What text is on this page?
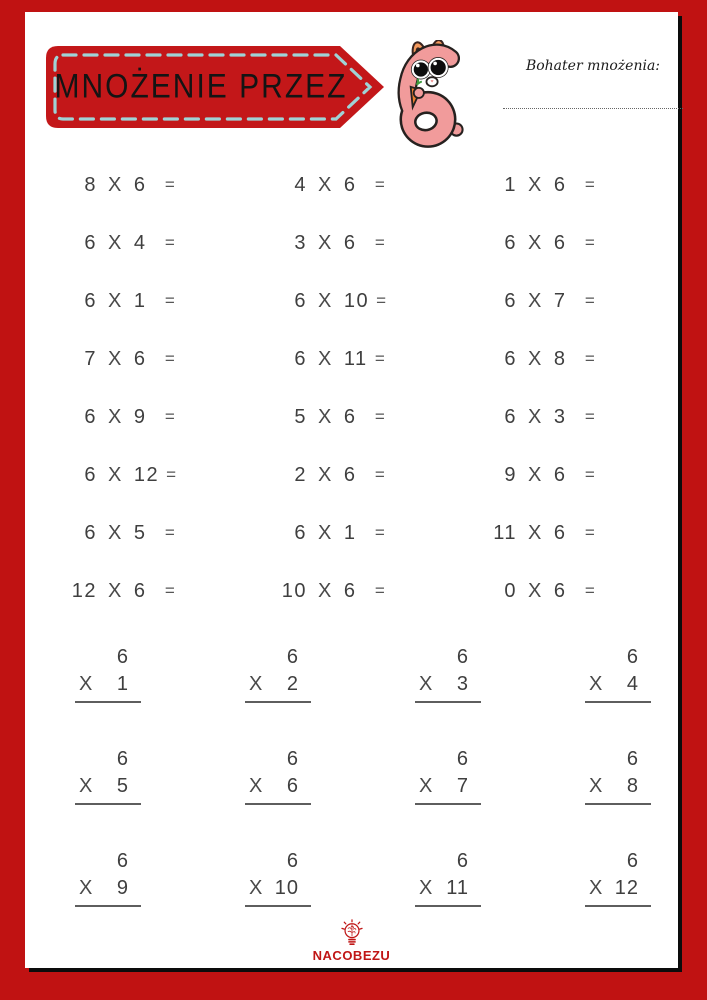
MNOŻENIE PRZEZ
Bohater mnożenia:
8 X 6	=	4 X 6	=	1 X 6	=
6 X 4	=	3 X 6	=	6 X 6	=
6 X 1	=	6 X 10 =	6 X 7	=
7 X 6	=	6 X 11 =	6 X 8	=
6 X 9	=	5 X 6	=	6 X 3	=
6 X 12 =	2 X 6	=	9 X 6	=
6 X 5	=	6 X 1	=	11 X 6	=
12 X 6	=	10 X 6	=	0 X 6	=
6
X 1
6
X 2
6
X 3
6
X 4
6
X 5
6
X 6
6
X 7
6
X 8
6
X 9
6
X 10
6
X 11
6
X 12
NACOBEZU
